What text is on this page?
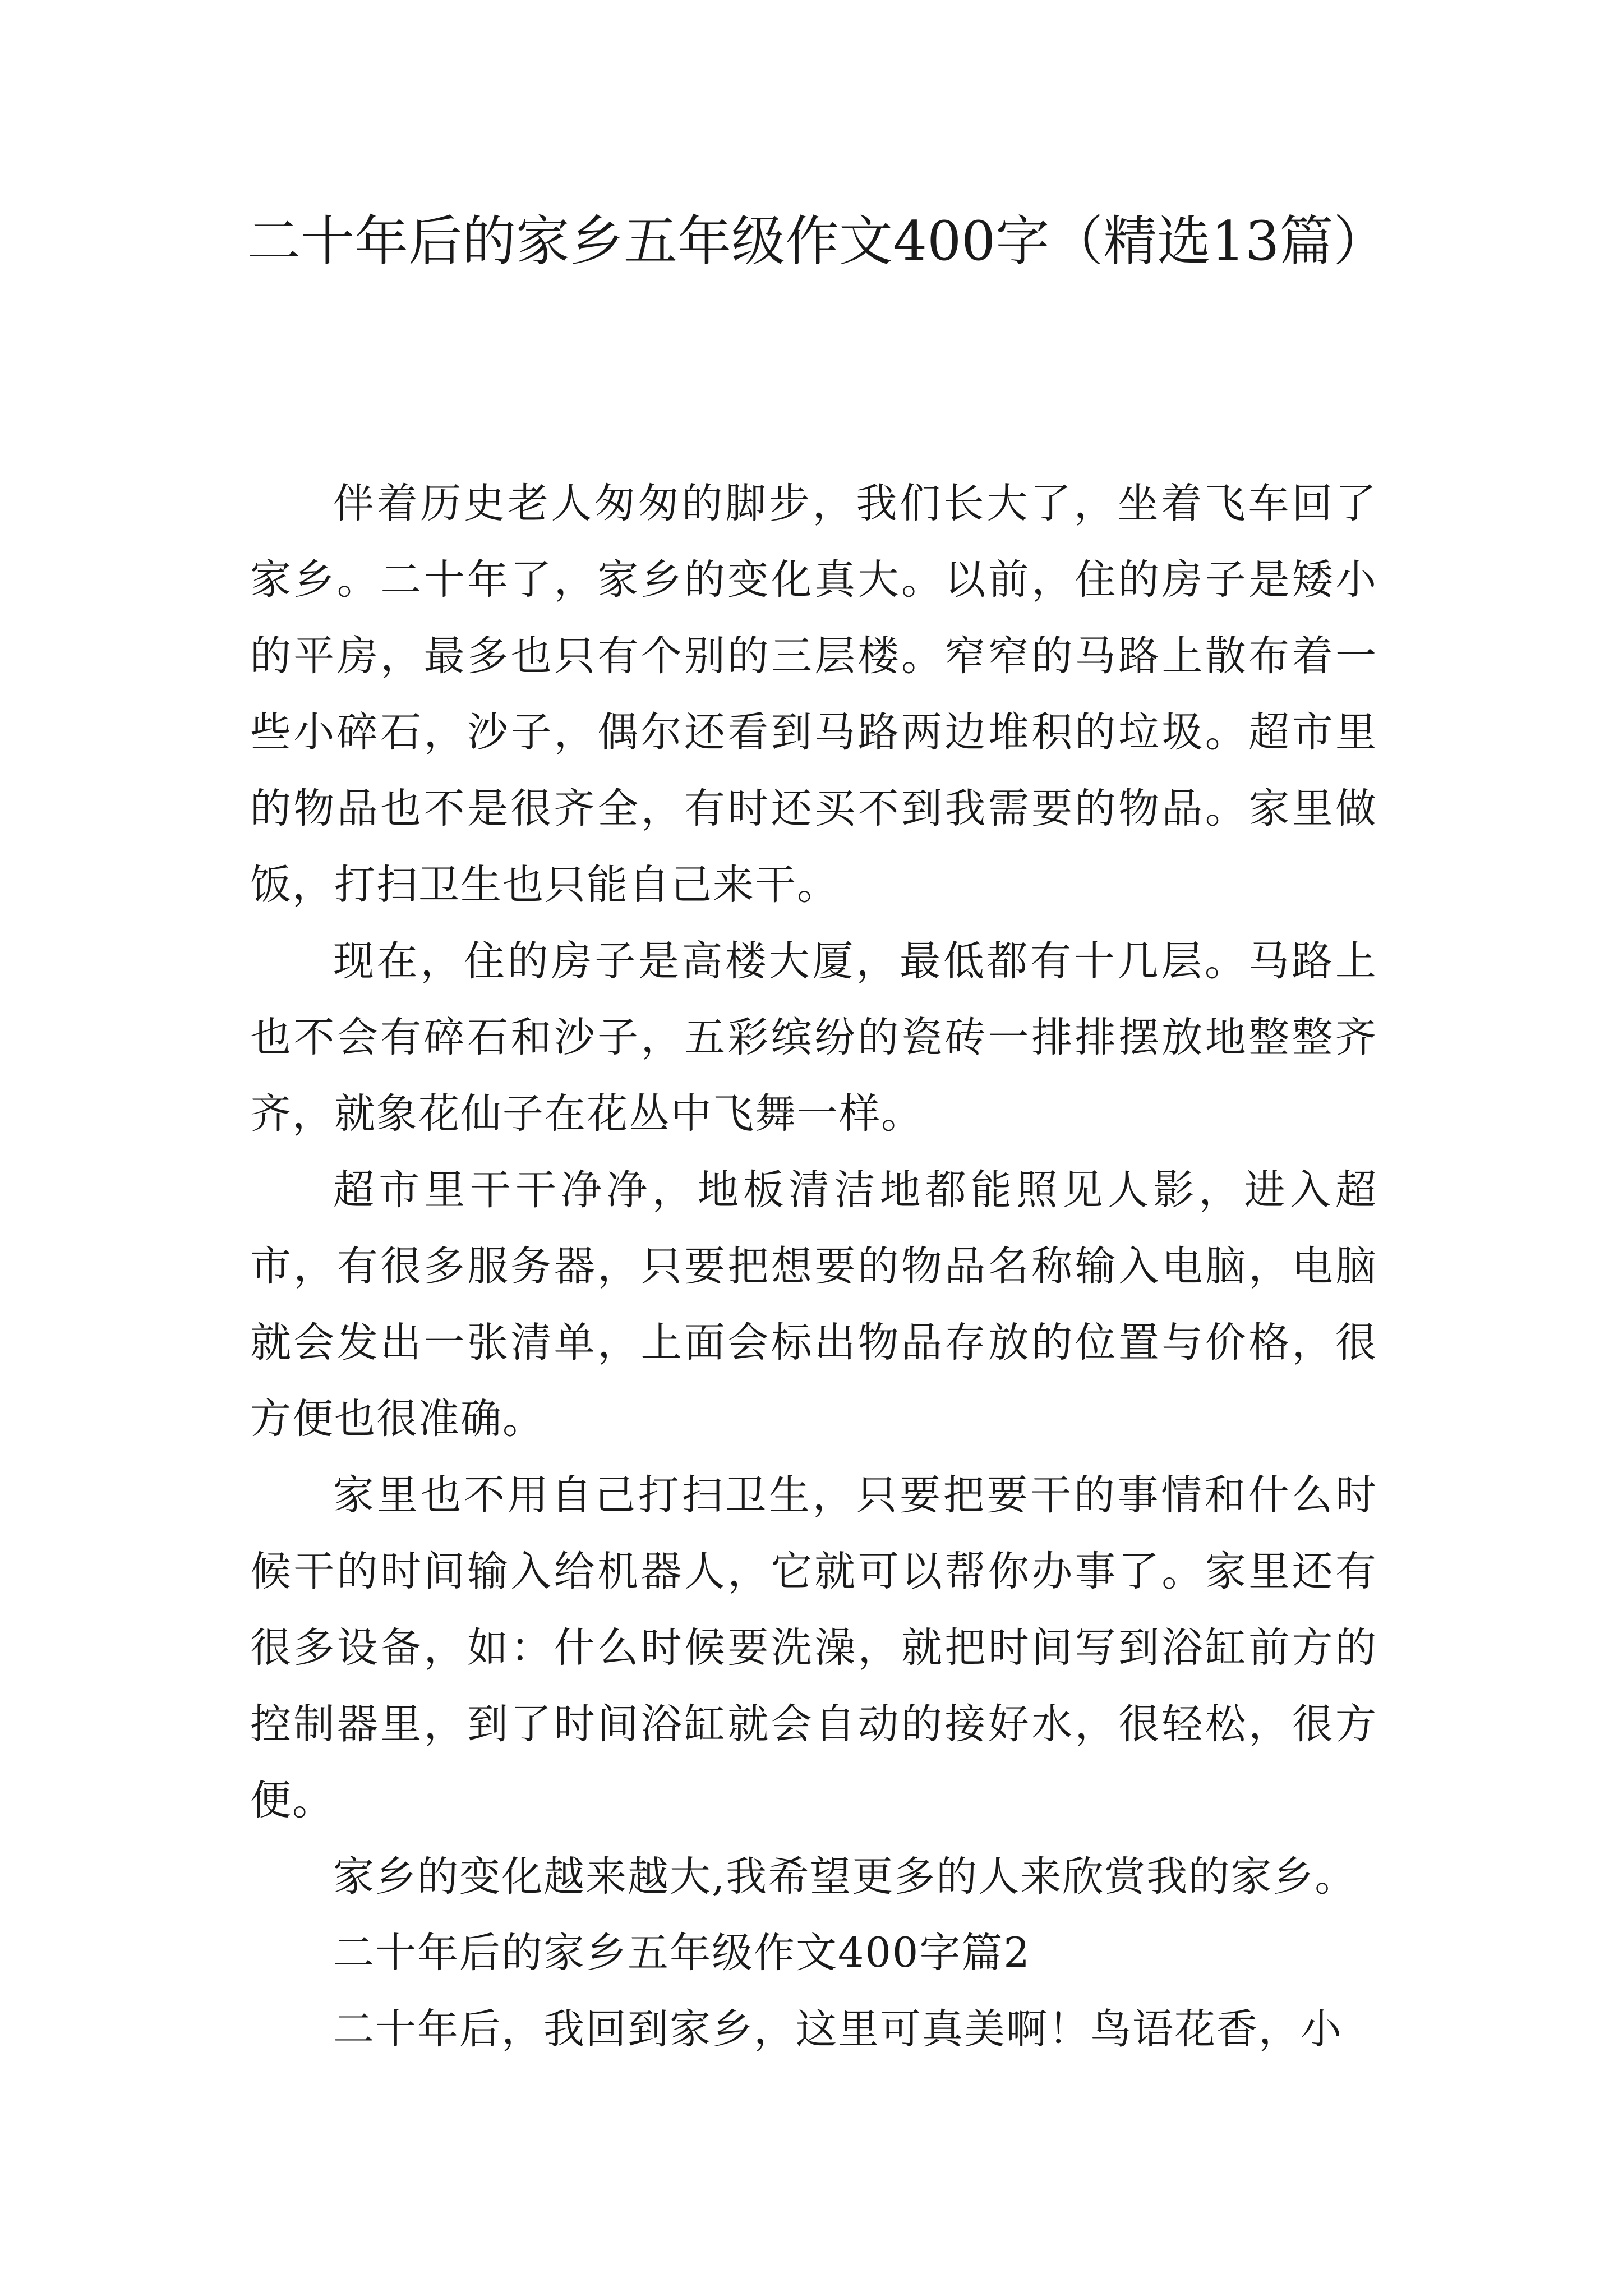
二十年后的家乡五年级作文400字（精选13篇）

伴着历史老人匆匆的脚步，我们长大了，坐着飞车回了家乡。二十年了，家乡的变化真大。以前，住的房子是矮小的平房，最多也只有个别的三层楼。窄窄的马路上散布着一些小碎石，沙子，偶尔还看到马路两边堆积的垃圾。超市里的物品也不是很齐全，有时还买不到我需要的物品。家里做饭，打扫卫生也只能自己来干。

现在，住的房子是高楼大厦，最低都有十几层。马路上也不会有碎石和沙子，五彩缤纷的瓷砖一排排摆放地整整齐齐，就象花仙子在花丛中飞舞一样。

超市里干干净净，地板清洁地都能照见人影，进入超市，有很多服务器，只要把想要的物品名称输入电脑，电脑就会发出一张清单，上面会标出物品存放的位置与价格，很方便也很准确。

家里也不用自己打扫卫生，只要把要干的事情和什么时候干的时间输入给机器人，它就可以帮你办事了。家里还有很多设备，如：什么时候要洗澡，就把时间写到浴缸前方的控制器里，到了时间浴缸就会自动的接好水，很轻松，很方便。

家乡的变化越来越大,我希望更多的人来欣赏我的家乡。

二十年后的家乡五年级作文400字篇2

二十年后，我回到家乡，这里可真美啊！鸟语花香，小
